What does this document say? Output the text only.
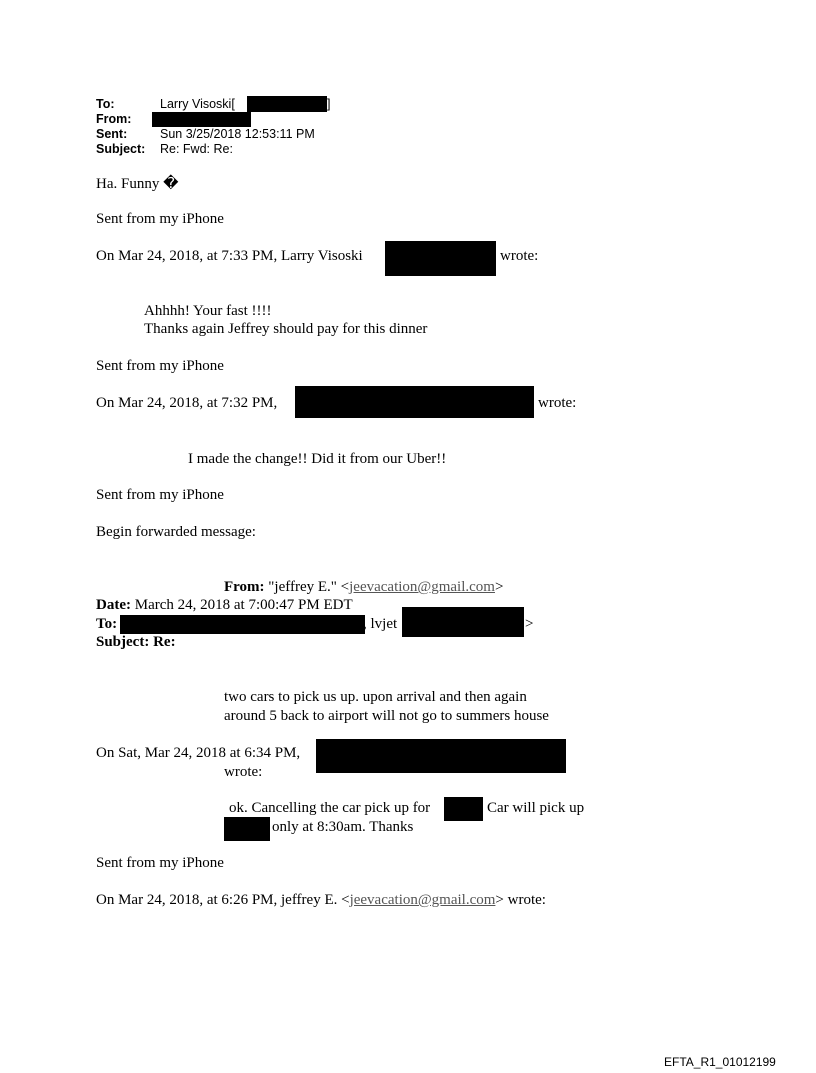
To:	Larry Visoski[	]
From:
Sent:	Sun 3/25/2018 12:53:11 PM
Subject: Re: Fwd: Re:
Ha. Funny �
Sent from my iPhone
On Mar 24, 2018, at 7:33 PM, Larry Visoski	wrote:
Ahhhh! Your fast !!!!
Thanks again Jeffrey should pay for this dinner
Sent from my iPhone
On Mar 24, 2018, at 7:32 PM,	wrote:
I made the change!! Did it from our Uber!!
Sent from my iPhone
Begin forwarded message:
From: "jeffrey E." <jeevacation@gmail.com>
Date: March 24, 2018 at 7:00:47 PM EDT
To:	, lvjet	>
Subject: Re:
two cars to pick us up. upon arrival and then again
around 5 back to airport will not go to summers house
On Sat, Mar 24, 2018 at 6:34 PM,
wrote:
ok. Cancelling the car pick up for	Car will pick up
only at 8:30am. Thanks
Sent from my iPhone
On Mar 24, 2018, at 6:26 PM, jeffrey E. <jeevacation@gmail.com> wrote:
EFTA_R1_01012199
